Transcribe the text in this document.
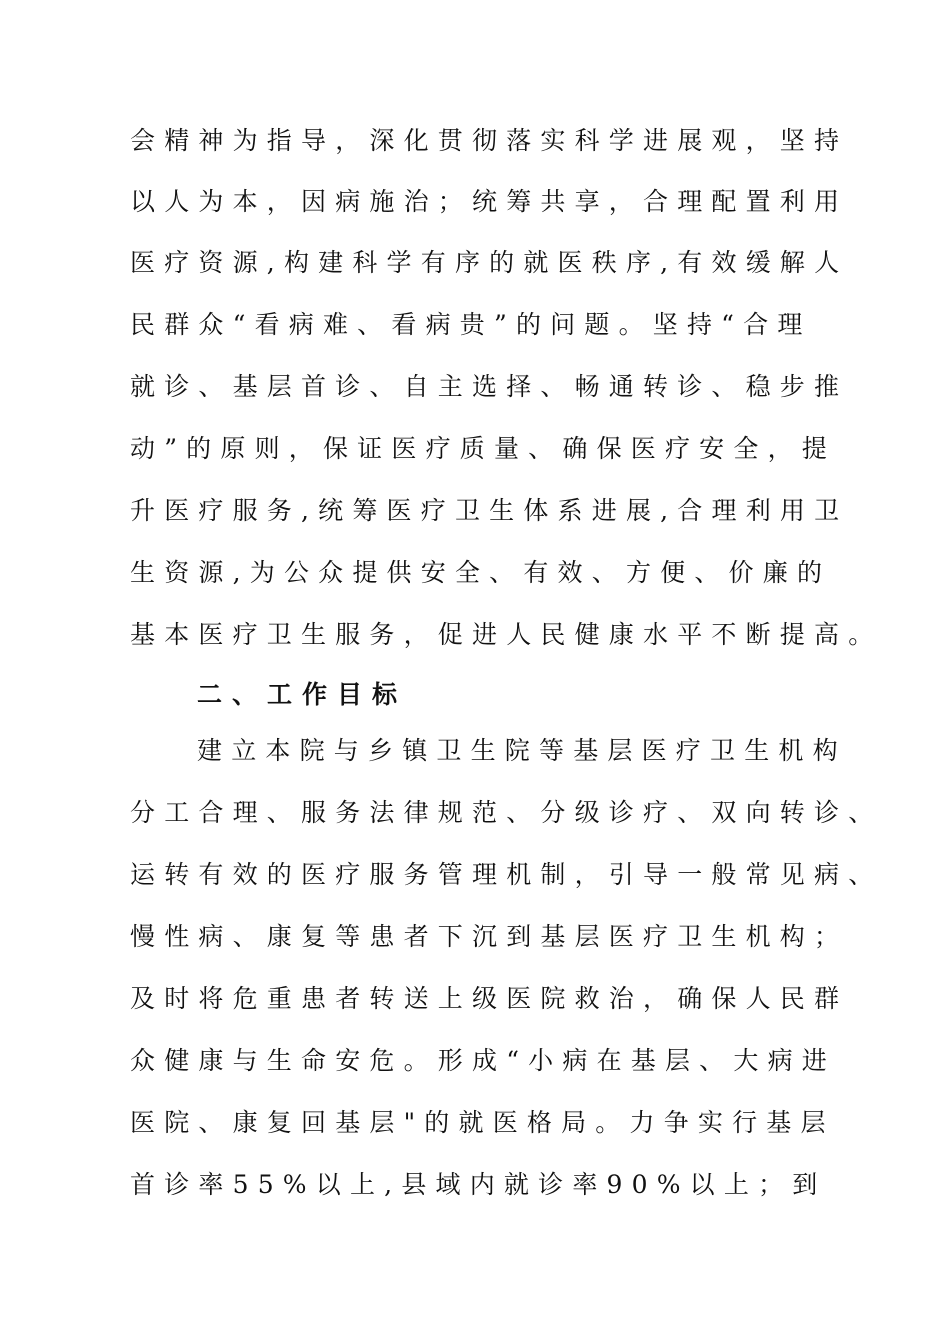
会精神为指导，深化贯彻落实科学进展观，坚持
以人为本，因病施治；统筹共享，合理配置利用
医疗资源,构建科学有序的就医秩序,有效缓解人
民群众“看病难、看病贵”的问题。坚持“合理
就诊、基层首诊、自主选择、畅通转诊、稳步推
动”的原则，保证医疗质量、确保医疗安全，提
升医疗服务,统筹医疗卫生体系进展,合理利用卫
生资源,为公众提供安全、有效、方便、价廉的
基本医疗卫生服务，促进人民健康水平不断提高。
二、工作目标
建立本院与乡镇卫生院等基层医疗卫生机构
分工合理、服务法律规范、分级诊疗、双向转诊、
运转有效的医疗服务管理机制，引导一般常见病、
慢性病、康复等患者下沉到基层医疗卫生机构；
及时将危重患者转送上级医院救治，确保人民群
众健康与生命安危。形成“小病在基层、大病进
医院、康复回基层"的就医格局。力争实行基层
首诊率55%以上,县域内就诊率90%以上；到
